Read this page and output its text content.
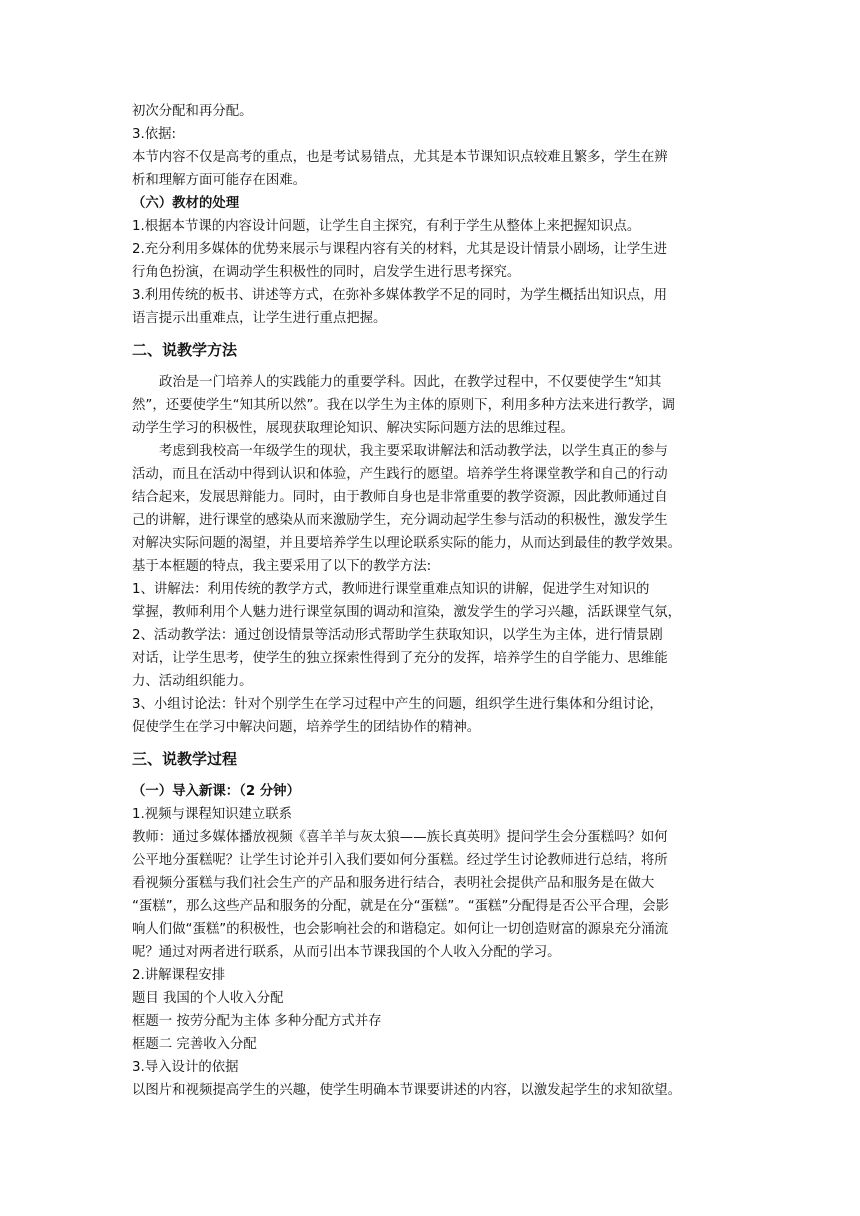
初次分配和再分配。

3.依据:

本节内容不仅是高考的重点，也是考试易错点，尤其是本节课知识点较难且繁多，学生在辨

析和理解方面可能存在困难。

（六）教材的处理

1.根据本节课的内容设计问题，让学生自主探究，有利于学生从整体上来把握知识点。

2.充分利用多媒体的优势来展示与课程内容有关的材料，尤其是设计情景小剧场，让学生进

行角色扮演，在调动学生积极性的同时，启发学生进行思考探究。

3.利用传统的板书、讲述等方式，在弥补多媒体教学不足的同时，为学生概括出知识点，用

语言提示出重难点，让学生进行重点把握。

二、说教学方法

政治是一门培养人的实践能力的重要学科。因此，在教学过程中，不仅要使学生“知其

然”，还要使学生“知其所以然”。我在以学生为主体的原则下，利用多种方法来进行教学，调

动学生学习的积极性，展现获取理论知识、解决实际问题方法的思维过程。

考虑到我校高一年级学生的现状，我主要采取讲解法和活动教学法，以学生真正的参与

活动，而且在活动中得到认识和体验，产生践行的愿望。培养学生将课堂教学和自己的行动

结合起来，发展思辩能力。同时，由于教师自身也是非常重要的教学资源，因此教师通过自

己的讲解，进行课堂的感染从而来激励学生，充分调动起学生参与活动的积极性，激发学生

对解决实际问题的渴望，并且要培养学生以理论联系实际的能力，从而达到最佳的教学效果。

基于本框题的特点，我主要采用了以下的教学方法:

1、讲解法：利用传统的教学方式，教师进行课堂重难点知识的讲解，促进学生对知识的

掌握，教师利用个人魅力进行课堂氛围的调动和渲染，激发学生的学习兴趣，活跃课堂气氛，

2、活动教学法：通过创设情景等活动形式帮助学生获取知识，以学生为主体，进行情景剧

对话，让学生思考，使学生的独立探索性得到了充分的发挥，培养学生的自学能力、思维能

力、活动组织能力。

3、小组讨论法：针对个别学生在学习过程中产生的问题，组织学生进行集体和分组讨论，

促使学生在学习中解决问题，培养学生的团结协作的精神。

三、说教学过程

（一）导入新课：（2 分钟）

1.视频与课程知识建立联系

教师：通过多媒体播放视频《喜羊羊与灰太狼——族长真英明》提问学生会分蛋糕吗？如何

公平地分蛋糕呢？让学生讨论并引入我们要如何分蛋糕。经过学生讨论教师进行总结，将所

看视频分蛋糕与我们社会生产的产品和服务进行结合，表明社会提供产品和服务是在做大

“蛋糕”，那么这些产品和服务的分配，就是在分“蛋糕”。“蛋糕”分配得是否公平合理，会影

响人们做“蛋糕”的积极性，也会影响社会的和谐稳定。如何让一切创造财富的源泉充分涌流

呢？通过对两者进行联系，从而引出本节课我国的个人收入分配的学习。

2.讲解课程安排

题目 我国的个人收入分配

框题一 按劳分配为主体 多种分配方式并存

框题二 完善收入分配

3.导入设计的依据

以图片和视频提高学生的兴趣，使学生明确本节课要讲述的内容，以激发起学生的求知欲望。
